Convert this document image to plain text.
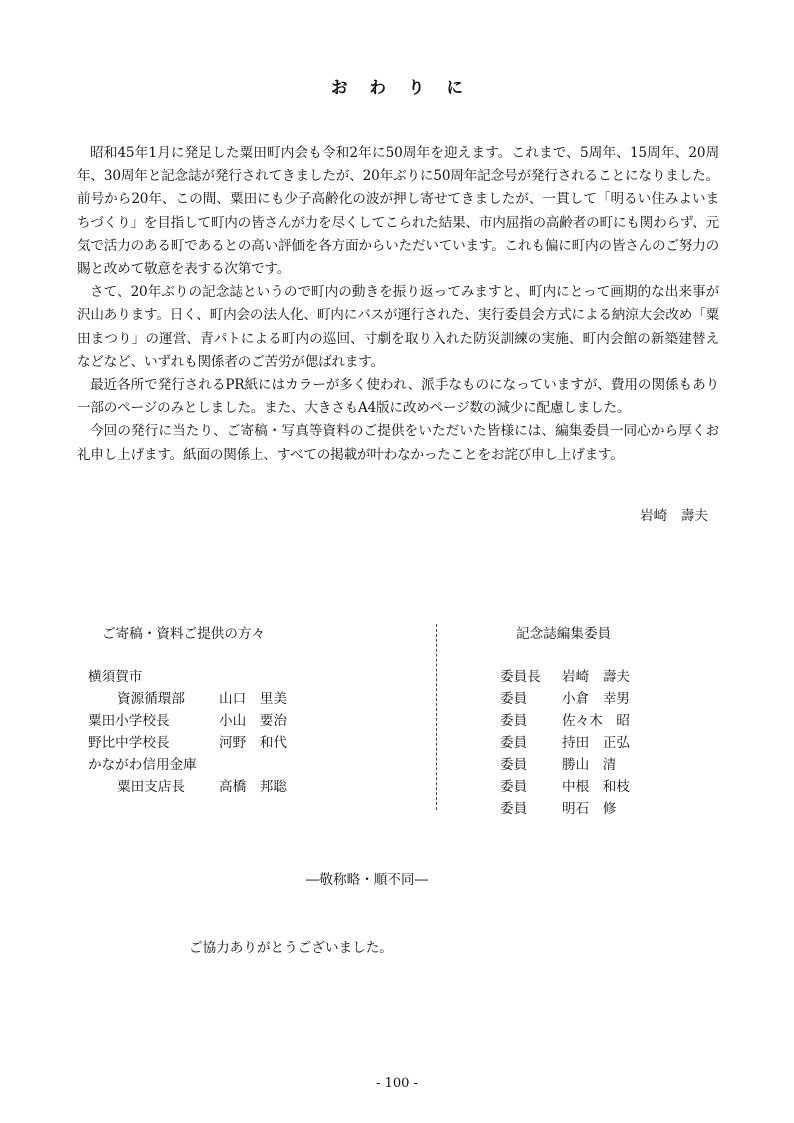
おわりに

昭和45年1月に発足した粟田町内会も令和2年に50周年を迎えます。これまで、5周年、15周年、20周年、30周年と記念誌が発行されてきましたが、20年ぶりに50周年記念号が発行されることになりました。前号から20年、この間、粟田にも少子高齢化の波が押し寄せてきましたが、一貫して「明るい住みよいまちづくり」を目指して町内の皆さんが力を尽くしてこられた結果、市内屈指の高齢者の町にも関わらず、元気で活力のある町であるとの高い評価を各方面からいただいています。これも偏に町内の皆さんのご努力の賜と改めて敬意を表する次第です。

さて、20年ぶりの記念誌というので町内の動きを振り返ってみますと、町内にとって画期的な出来事が沢山あります。日く、町内会の法人化、町内にバスが運行された、実行委員会方式による納涼大会改め「粟田まつり」の運営、青パトによる町内の巡回、寸劇を取り入れた防災訓練の実施、町内会館の新築建替えなどなど、いずれも関係者のご苦労が偲ばれます。

最近各所で発行されるPR紙にはカラーが多く使われ、派手なものになっていますが、費用の関係もあり一部のページのみとしました。また、大きさもA4版に改めページ数の減少に配慮しました。

今回の発行に当たり、ご寄稿・写真等資料のご提供をいただいた皆様には、編集委員一同心から厚くお礼申し上げます。紙面の関係上、すべての掲載が叶わなかったことをお詫び申し上げます。

岩崎　壽夫
ご寄稿・資料ご提供の方々
横須賀市
資源循環部	山口　里美
粟田小学校長	小山　要治
野比中学校長	河野　和代
かながわ信用金庫
粟田支店長	高橋　邦聡
記念誌編集委員
委員長 岩崎　壽夫
委員	小倉　幸男
委員	佐々木　昭
委員	持田　正弘
委員	勝山　清
委員	中根　和枝
委員	明石　修
―敬称略・順不同―
ご協力ありがとうございました。
- 100 -
